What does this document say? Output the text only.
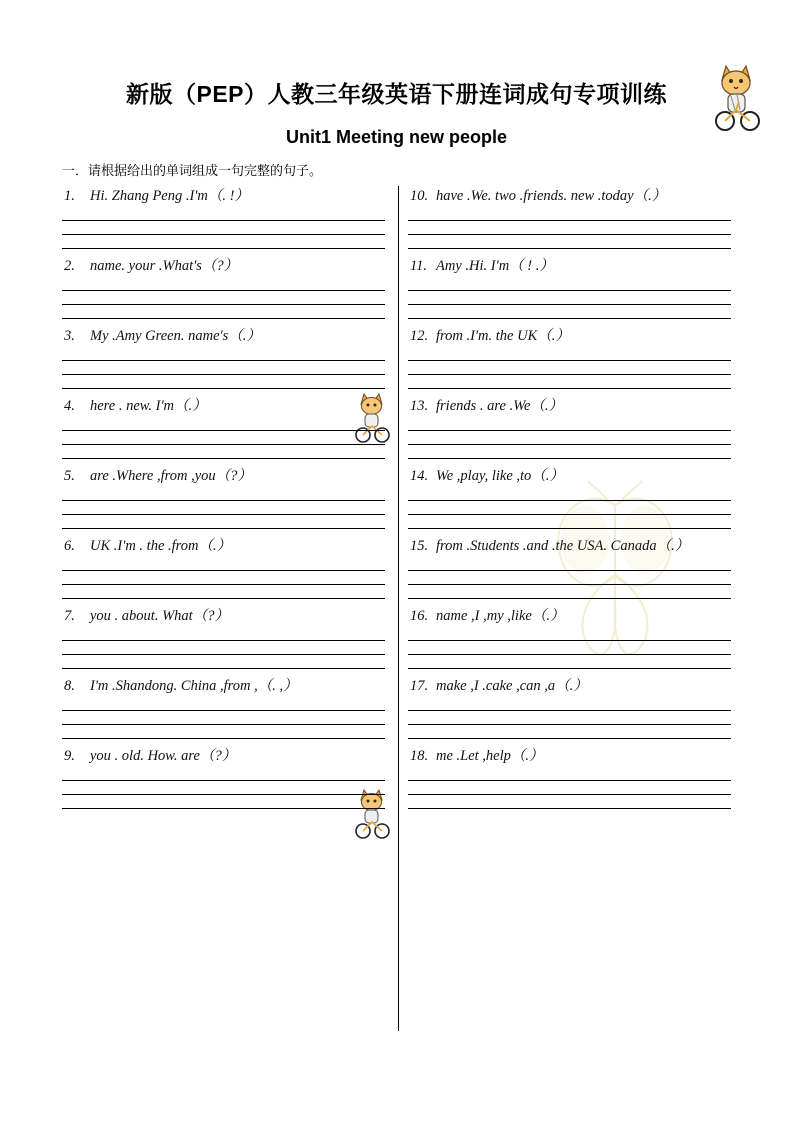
新版（PEP）人教三年级英语下册连词成句专项训练
Unit1 Meeting new people
一．请根据给出的单词组成一句完整的句子。
1. Hi. Zhang Peng .I'm（. !）
2. name. your .What's（?）
3. My .Amy Green. name's（.）
4. here . new. I'm（.）
5. are .Where ,from ,you（?）
6. UK .I'm . the .from（.）
7. you . about. What（?）
8. I'm .Shandong. China ,from ,（. ,）
9. you . old. How. are（?）
10. have .We. two .friends. new .today（.）
11. Amy .Hi. I'm（ ! .）
12. from .I'm. the UK（.）
13. friends . are .We（.）
14. We ,play, like ,to（.）
15. from .Students .and .the USA. Canada（.）
16. name ,I ,my ,like（.）
17. make ,I .cake ,can ,a（.）
18. me .Let ,help（.）
